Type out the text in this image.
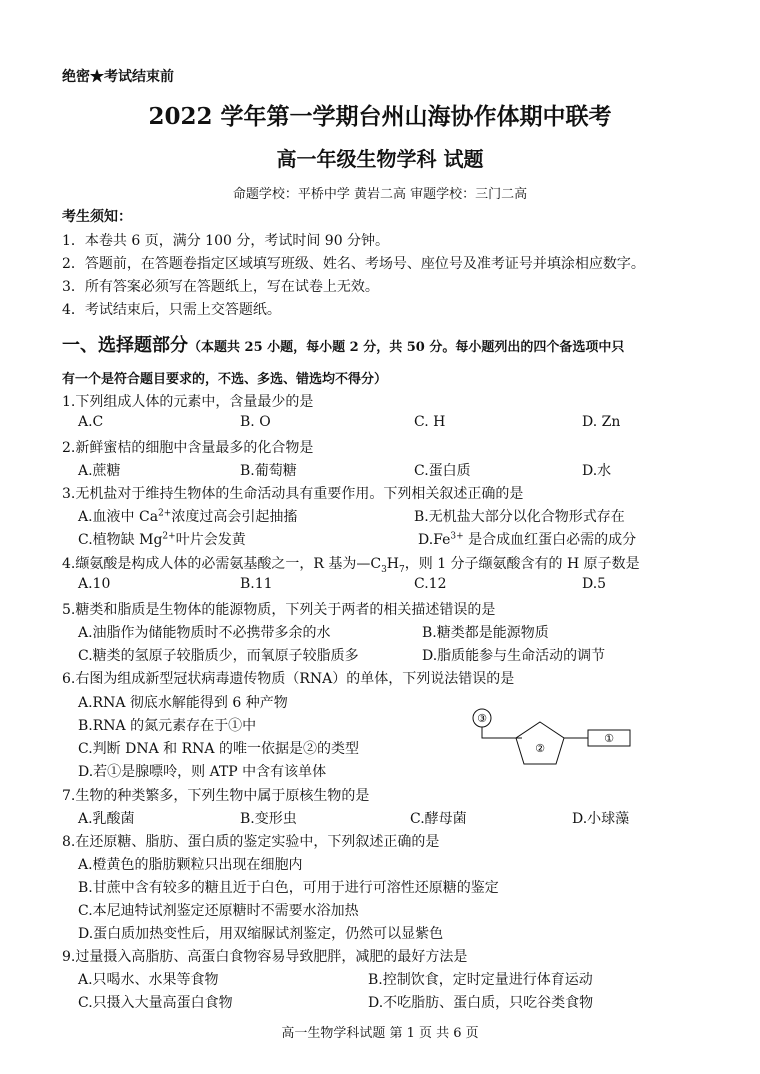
绝密★考试结束前
2022 学年第一学期台州山海协作体期中联考
高一年级生物学科 试题
命题学校：平桥中学 黄岩二高 审题学校：三门二高
考生须知：
1．本卷共 6 页，满分 100 分，考试时间 90 分钟。
2．答题前，在答题卷指定区域填写班级、姓名、考场号、座位号及准考证号并填涂相应数字。
3．所有答案必须写在答题纸上，写在试卷上无效。
4．考试结束后，只需上交答题纸。
一、选择题部分（本题共 25 小题，每小题 2 分，共 50 分。每小题列出的四个备选项中只
有一个是符合题目要求的，不选、多选、错选均不得分）
1.下列组成人体的元素中，含量最少的是
A.C	B. O	C. H	D. Zn
2.新鲜蜜桔的细胞中含量最多的化合物是
A.蔗糖	B.葡萄糖	C.蛋白质	D.水
3.无机盐对于维持生物体的生命活动具有重要作用。下列相关叙述正确的是
A.血液中 $Ca^{2+}$浓度过高会引起抽搐	B.无机盐大部分以化合物形式存在
C.植物缺 $Mg^{2+}$叶片会发黄	$D.Fe^{3+}$ 是合成血红蛋白必需的成分
4.缬氨酸是构成人体的必需氨基酸之一，R 基为$—C_3H_7$，则 1 分子缬氨酸含有的 H 原子数是
A.10	B.11	C.12	D.5
5.糖类和脂质是生物体的能源物质，下列关于两者的相关描述错误的是
A.油脂作为储能物质时不必携带多余的水	B.糖类都是能源物质
C.糖类的氢原子较脂质少，而氧原子较脂质多	D.脂质能参与生命活动的调节
6.右图为组成新型冠状病毒遗传物质（RNA）的单体，下列说法错误的是
A.RNA 彻底水解能得到 6 种产物
B.RNA 的氮元素存在于①中
C.判断 DNA 和 RNA 的唯一依据是②的类型
D.若①是腺嘌呤，则 ATP 中含有该单体
③
②
①
7.生物的种类繁多，下列生物中属于原核生物的是
A.乳酸菌	B.变形虫	C.酵母菌	D.小球藻
8.在还原糖、脂肪、蛋白质的鉴定实验中，下列叙述正确的是
A.橙黄色的脂肪颗粒只出现在细胞内
B.甘蔗中含有较多的糖且近于白色，可用于进行可溶性还原糖的鉴定
C.本尼迪特试剂鉴定还原糖时不需要水浴加热
D.蛋白质加热变性后，用双缩脲试剂鉴定，仍然可以显紫色
9.过量摄入高脂肪、高蛋白食物容易导致肥胖，减肥的最好方法是
A.只喝水、水果等食物	B.控制饮食，定时定量进行体育运动
C.只摄入大量高蛋白食物	D.不吃脂肪、蛋白质，只吃谷类食物
高一生物学科试题 第 1 页 共 6 页
